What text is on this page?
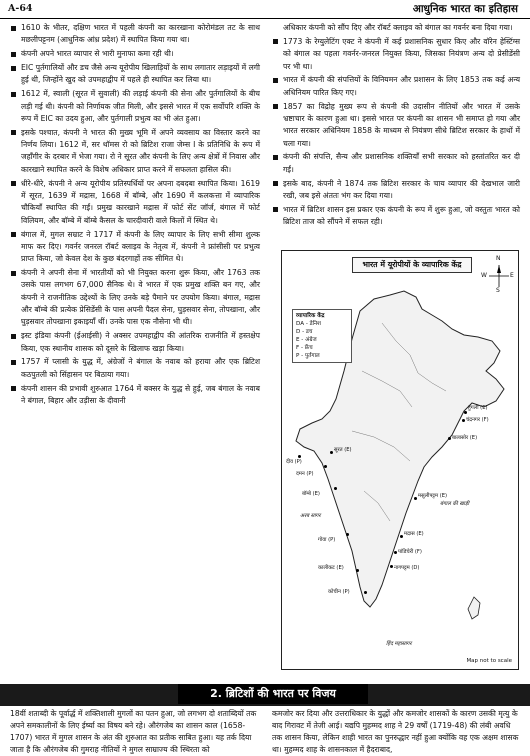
A-64	आधुनिक भारत का इतिहास

1610 के भीतर, दक्षिण भारत में पहली कंपनी का कारखाना कोरोमंडल तट के साथ मछलीपट्टनम (आधुनिक आंध्र प्रदेश) में स्थापित किया गया था।

कंपनी अपने भारत व्यापार से भारी मुनाफा कमा रही थी।

EIC पुर्तगालियों और डच जैसे अन्य यूरोपीय खिलाड़ियों के साथ लगातार लड़ाइयों में लगी हुई थी, जिन्होंने खुद को उपमहाद्वीप में पहले ही स्थापित कर लिया था।

1612 में, स्वाली (सूरत में सुवाली) की लड़ाई कंपनी की सेना और पुर्तगालियों के बीच लड़ी गई थी। कंपनी को निर्णायक जीत मिली, और इससे भारत में एक सर्वोपरि शक्ति के रूप में EIC का उदय हुआ, और पुर्तगाली प्रभुत्व का भी अंत हुआ।

इसके पश्चात, कंपनी ने भारत की मुख्य भूमि में अपने व्यवसाय का विस्तार करने का निर्णय लिया। 1612 में, सर थॉमस रो को ब्रिटिश राजा जेम्स I के प्रतिनिधि के रूप में जहाँगीर के दरबार में भेजा गया। रो ने सूरत और कंपनी के लिए अन्य क्षेत्रों में निवास और कारखाने स्थापित करने के विशेष अधिकार प्राप्त करने में सफलता हासिल की।

धीरे-धीरे, कंपनी ने अन्य यूरोपीय प्रतिस्पर्धियों पर अपना दबदबा स्थापित किया। 1619 में सूरत, 1639 में मद्रास, 1668 में बॉम्बे, और 1690 में कलकत्ता में व्यापारिक चौकियाँ स्थापित की गईं। प्रमुख कारखाने मद्रास में फोर्ट सेंट जॉर्ज, बंगाल में फोर्ट विलियम, और बॉम्बे में बॉम्बे कैसल के चारदीवारी वाले किलों में स्थित थे।

बंगाल में, मुगल सम्राट ने 1717 में कंपनी के लिए व्यापार के लिए सभी सीमा शुल्क माफ कर दिए। गवर्नर जनरल रॉबर्ट क्लाइव के नेतृत्व में, कंपनी ने फ्रांसीसी पर प्रभुत्व प्राप्त किया, जो केवल देश के कुछ बंदरगाहों तक सीमित थे।

कंपनी ने अपनी सेना में भारतीयों को भी नियुक्त करना शुरू किया, और 1763 तक उसके पास लगभग 67,000 सैनिक थे। वे भारत में एक प्रमुख शक्ति बन गए, और कंपनी ने राजनीतिक उद्देश्यों के लिए उनके बड़े पैमाने पर उपयोग किया। बंगाल, मद्रास और बॉम्बे की प्रत्येक प्रेसिडेंसी के पास अपनी पैदल सेना, घुड़सवार सेना, तोपखाना, और घुड़सवार तोपखाना इकाइयाँ थीं। उनके पास एक नौसेना भी थी।

इस्ट इंडिया कंपनी (ईआईसी) ने अक्सर उपमहाद्वीप की आंतरिक राजनीति में हस्तक्षेप किया, एक स्थानीय शासक को दूसरे के खिलाफ खड़ा किया।

1757 में प्लासी के युद्ध में, अंग्रेजों ने बंगाल के नवाब को हराया और एक ब्रिटिश कठपुतली को सिंहासन पर बिठाया गया।

कंपनी शासन की प्रभावी शुरुआत 1764 में बक्सर के युद्ध से हुई, जब बंगाल के नवाब ने बंगाल, बिहार और उड़ीसा के दीवानी

अधिकार कंपनी को सौंप दिए और रॉबर्ट क्लाइव को बंगाल का गवर्नर बना दिया गया।

1773 के रेग्युलेटिंग एक्ट ने कंपनी में कई प्रशासनिक सुधार किए और वॉरेन हेस्टिंग्स को बंगाल का पहला गवर्नर-जनरल नियुक्त किया, जिसका नियंत्रण अन्य दो प्रेसीडेंसी पर भी था।

भारत में कंपनी की संपत्तियों के विनियमन और प्रशासन के लिए 1853 तक कई अन्य अधिनियम पारित किए गए।

1857 का विद्रोह मुख्य रूप से कंपनी की उदासीन नीतियों और भारत में उसके भ्रष्टाचार के कारण हुआ था। इससे भारत पर कंपनी का शासन भी समाप्त हो गया और भारत सरकार अधिनियम 1858 के माध्यम से नियंत्रण सीधे ब्रिटिश सरकार के हाथों में चला गया।

कंपनी की संपत्ति, सैन्य और प्रशासनिक शक्तियाँ सभी सरकार को हस्तांतरित कर दी गईं।

इसके बाद, कंपनी ने 1874 तक ब्रिटिश सरकार के चाय व्यापार की देखभाल जारी रखी, जब इसे अंततः भंग कर दिया गया।

भारत में ब्रिटिश शासन इस प्रकार एक कंपनी के रूप में शुरू हुआ, जो वस्तुतः भारत को ब्रिटिश ताज को सौंपने में सफल रही।

भारत में यूरोपीयों के व्यापारिक केंद्र
N
S
E
W
व्यापारिक केंद्र
DA - डेनिश
D - डच
E - अंग्रेज
F - फ्रेंच
P - पुर्तगाल
दीव (P)
दमन (P)
सूरत (E)
बॉम्बे (E)
गोवा (P)
कालीकट (E)
कोचीन (P)
मद्रास (E)
पांडिचेरी (F)
हुगली (E)
चंद्रनगर (F)
बालासोर (E)
मसुलीपट्टम (E)
नागपट्टम (D)
अरब सागर
बंगाल की खाड़ी
हिंद महासागर
Map not to scale
2. ब्रिटिशों की भारत पर विजय
18वीं शताब्दी के पूर्वार्द्ध में शक्तिशाली मुगलों का पतन हुआ, जो लगभग दो शताब्दियों तक अपने समकालीनों के लिए ईर्ष्या का विषय बने रहे। औरंगजेब का शासन काल (1658-1707) भारत में मुगल शासन के अंत की शुरुआत का प्रतीक साबित हुआ। यह तर्क दिया जाता है कि औरंगजेब की गुमराह नीतियों ने मुगल साम्राज्य की स्थिरता को
कमजोर कर दिया और उत्तराधिकार के युद्धों और कमजोर शासकों के कारण उसकी मृत्यु के बाद गिरावट में तेजी आई। यद्यपि मुहम्मद शाह ने 29 वर्षों (1719-48) की लंबी अवधि तक शासन किया, लेकिन शाही भारत का पुनरुद्धार नहीं हुआ क्योंकि वह एक अक्षम शासक था। मुहम्मद शाह के शासनकाल में हैदराबाद,
